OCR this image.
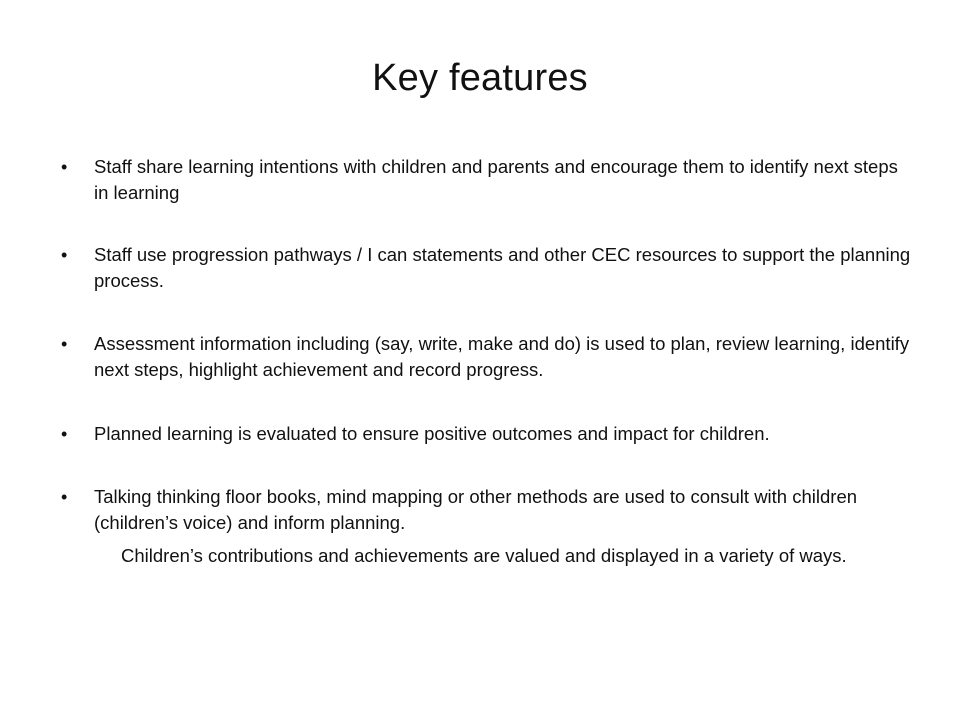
Key features
• Staff share learning intentions with children and parents and encourage them to identify next steps in learning
• Staff use progression pathways / I can statements and other CEC resources to support the planning process.
• Assessment information including (say, write, make and do) is used to plan, review learning, identify next steps, highlight achievement and record progress.
• Planned learning is evaluated to ensure positive outcomes and impact for children.
• Talking thinking floor books, mind mapping or other methods are used to consult with children (children’s voice) and inform planning.
Children’s contributions and achievements are valued and displayed in a variety of ways.
